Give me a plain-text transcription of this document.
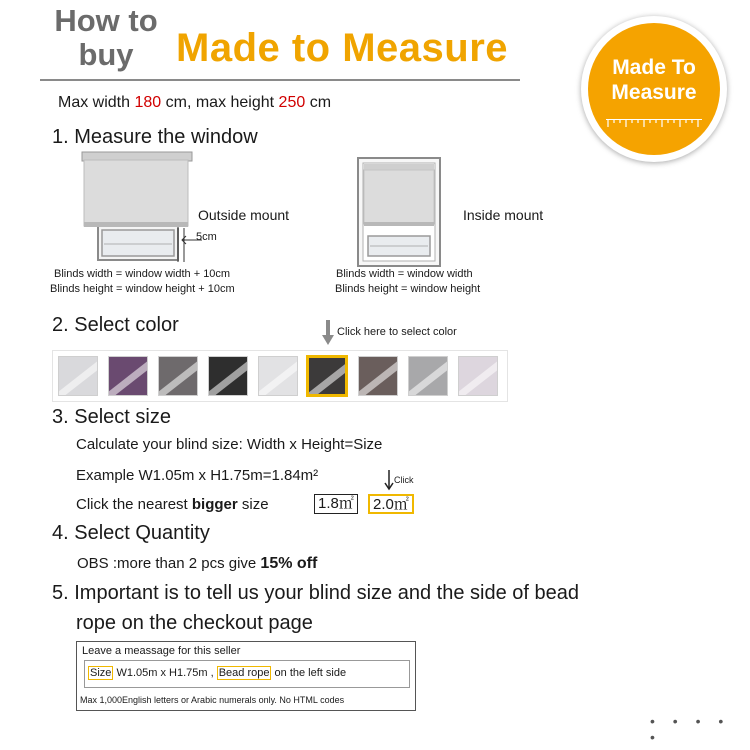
How to
buy	Made to Measure	Made To
Measure
Max width 180 cm, max height 250 cm
1. Measure the window
5cm
Outside mount
Blinds width = window width + 10cm
Blinds height = window height + 10cm
Inside mount
Blinds width = window width
Blinds height = window height
2. Select color	Click here to select color
3. Select size
Calculate your blind size: Width x Height=Size
Example W1.05m x H1.75m=1.84m²
Click the nearest bigger size
Click
1.8㎡	2.0㎡
4. Select Quantity
OBS :more than 2 pcs give 15% off
5. Important is to tell us your blind size and the side of bead
rope on the checkout page
Leave a meassage for this seller
Size W1.05m x H1.75m , Bead rope on the left side
Max 1,000English letters or Arabic numerals only. No HTML codes
• • • • •
